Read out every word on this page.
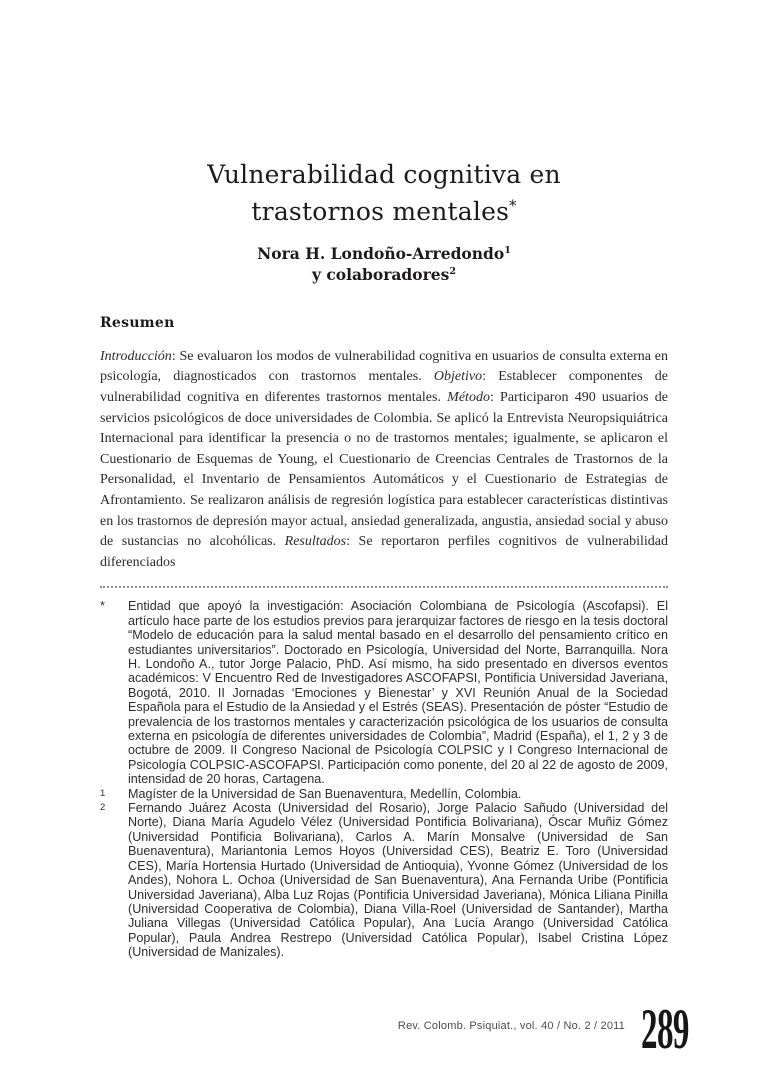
Vulnerabilidad cognitiva en
trastornos mentales*
Nora H. Londoño-Arredondo$^1$
y colaboradores$^2$
Resumen

Introducción: Se evaluaron los modos de vulnerabilidad cognitiva en usuarios de consulta externa en psicología, diagnosticados con trastornos mentales. Objetivo: Establecer componentes de vulnerabilidad cognitiva en diferentes trastornos mentales. Método: Participaron 490 usuarios de servicios psicológicos de doce universidades de Colombia. Se aplicó la Entrevista Neuropsiquiátrica Internacional para identificar la presencia o no de trastornos mentales; igualmente, se aplicaron el Cuestionario de Esquemas de Young, el Cuestionario de Creencias Centrales de Trastornos de la Personalidad, el Inventario de Pensamientos Automáticos y el Cuestionario de Estrategias de Afrontamiento. Se realizaron análisis de regresión logística para establecer características distintivas en los trastornos de depresión mayor actual, ansiedad generalizada, angustia, ansiedad social y abuso de sustancias no alcohólicas. Resultados: Se reportaron perfiles cognitivos de vulnerabilidad diferenciados

*	Entidad que apoyó la investigación: Asociación Colombiana de Psicología (Ascofapsi). El artículo hace parte de los estudios previos para jerarquizar factores de riesgo en la tesis doctoral “Modelo de educación para la salud mental basado en el desarrollo del pensamiento crítico en estudiantes universitarios”. Doctorado en Psicología, Universidad del Norte, Barranquilla. Nora H. Londoño A., tutor Jorge Palacio, PhD. Así mismo, ha sido presentado en diversos eventos académicos: V Encuentro Red de Investigadores ASCOFAPSI, Pontificia Universidad Javeriana, Bogotá, 2010. II Jornadas ‘Emociones y Bienestar’ y XVI Reunión Anual de la Sociedad Española para el Estudio de la Ansiedad y el Estrés (SEAS). Presentación de póster “Estudio de prevalencia de los trastornos mentales y caracterización psicológica de los usuarios de consulta externa en psicología de diferentes universidades de Colombia”, Madrid (España), el 1, 2 y 3 de octubre de 2009. II Congreso Nacional de Psicología COLPSIC y I Congreso Internacional de Psicología COLPSIC-ASCOFAPSI. Participación como ponente, del 20 al 22 de agosto de 2009, intensidad de 20 horas, Cartagena.
1	Magíster de la Universidad de San Buenaventura, Medellín, Colombia.
2	Fernando Juárez Acosta (Universidad del Rosario), Jorge Palacio Sañudo (Universidad del Norte), Diana María Agudelo Vélez (Universidad Pontificia Bolivariana), Óscar Muñiz Gómez (Universidad Pontificia Bolivariana), Carlos A. Marín Monsalve (Universidad de San Buenaventura), Mariantonia Lemos Hoyos (Universidad CES), Beatriz E. Toro (Universidad CES), María Hortensia Hurtado (Universidad de Antioquia), Yvonne Gómez (Universidad de los Andes), Nohora L. Ochoa (Universidad de San Buenaventura), Ana Fernanda Uribe (Pontificia Universidad Javeriana), Alba Luz Rojas (Pontificia Universidad Javeriana), Mónica Liliana Pinilla (Universidad Cooperativa de Colombia), Diana Villa-Roel (Universidad de Santander), Martha Juliana Villegas (Universidad Católica Popular), Ana Lucía Arango (Universidad Católica Popular), Paula Andrea Restrepo (Universidad Católica Popular), Isabel Cristina López (Universidad de Manizales).
Rev. Colomb. Psiquiat., vol. 40 / No. 2 / 2011 289
